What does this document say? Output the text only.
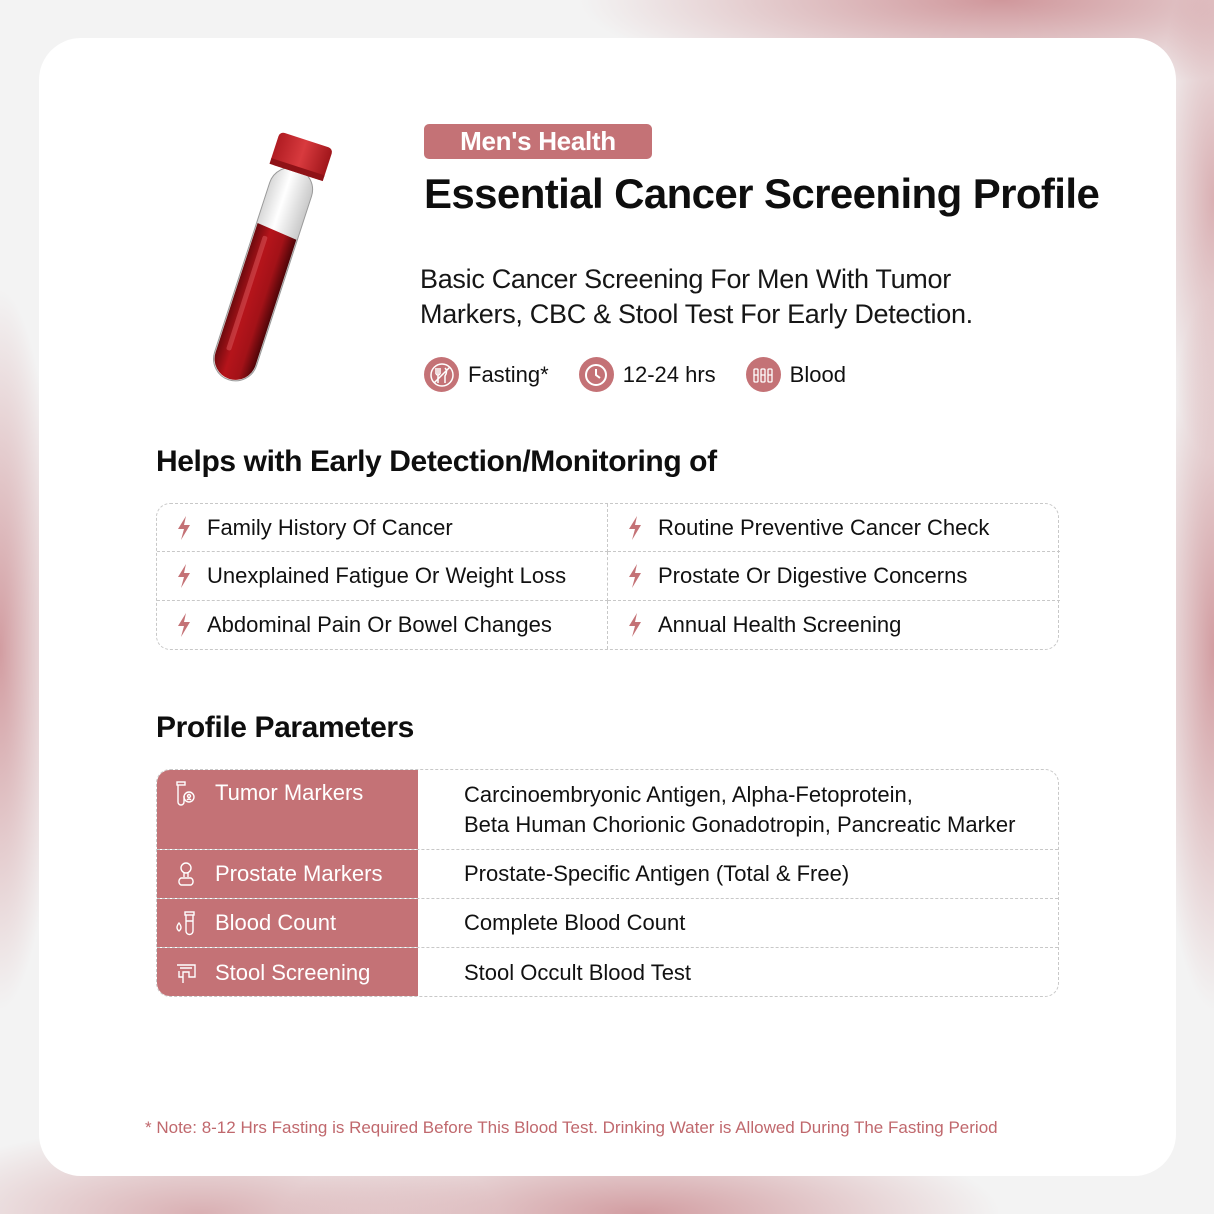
Men's Health
Essential Cancer Screening Profile
Basic Cancer Screening For Men With Tumor Markers, CBC & Stool Test For Early Detection.
Fasting*	12-24 hrs	Blood
Helps with Early Detection/Monitoring of
Family History Of Cancer	Routine Preventive Cancer Check
Unexplained Fatigue Or Weight Loss	Prostate Or Digestive Concerns
Abdominal Pain Or Bowel Changes	Annual Health Screening
Profile Parameters
Tumor Markers	Carcinoembryonic Antigen, Alpha-Fetoprotein,
Beta Human Chorionic Gonadotropin, Pancreatic Marker
Prostate Markers	Prostate-Specific Antigen (Total & Free)
Blood Count	Complete Blood Count
Stool Screening	Stool Occult Blood Test
* Note: 8-12 Hrs Fasting is Required Before This Blood Test. Drinking Water is Allowed During The Fasting Period
